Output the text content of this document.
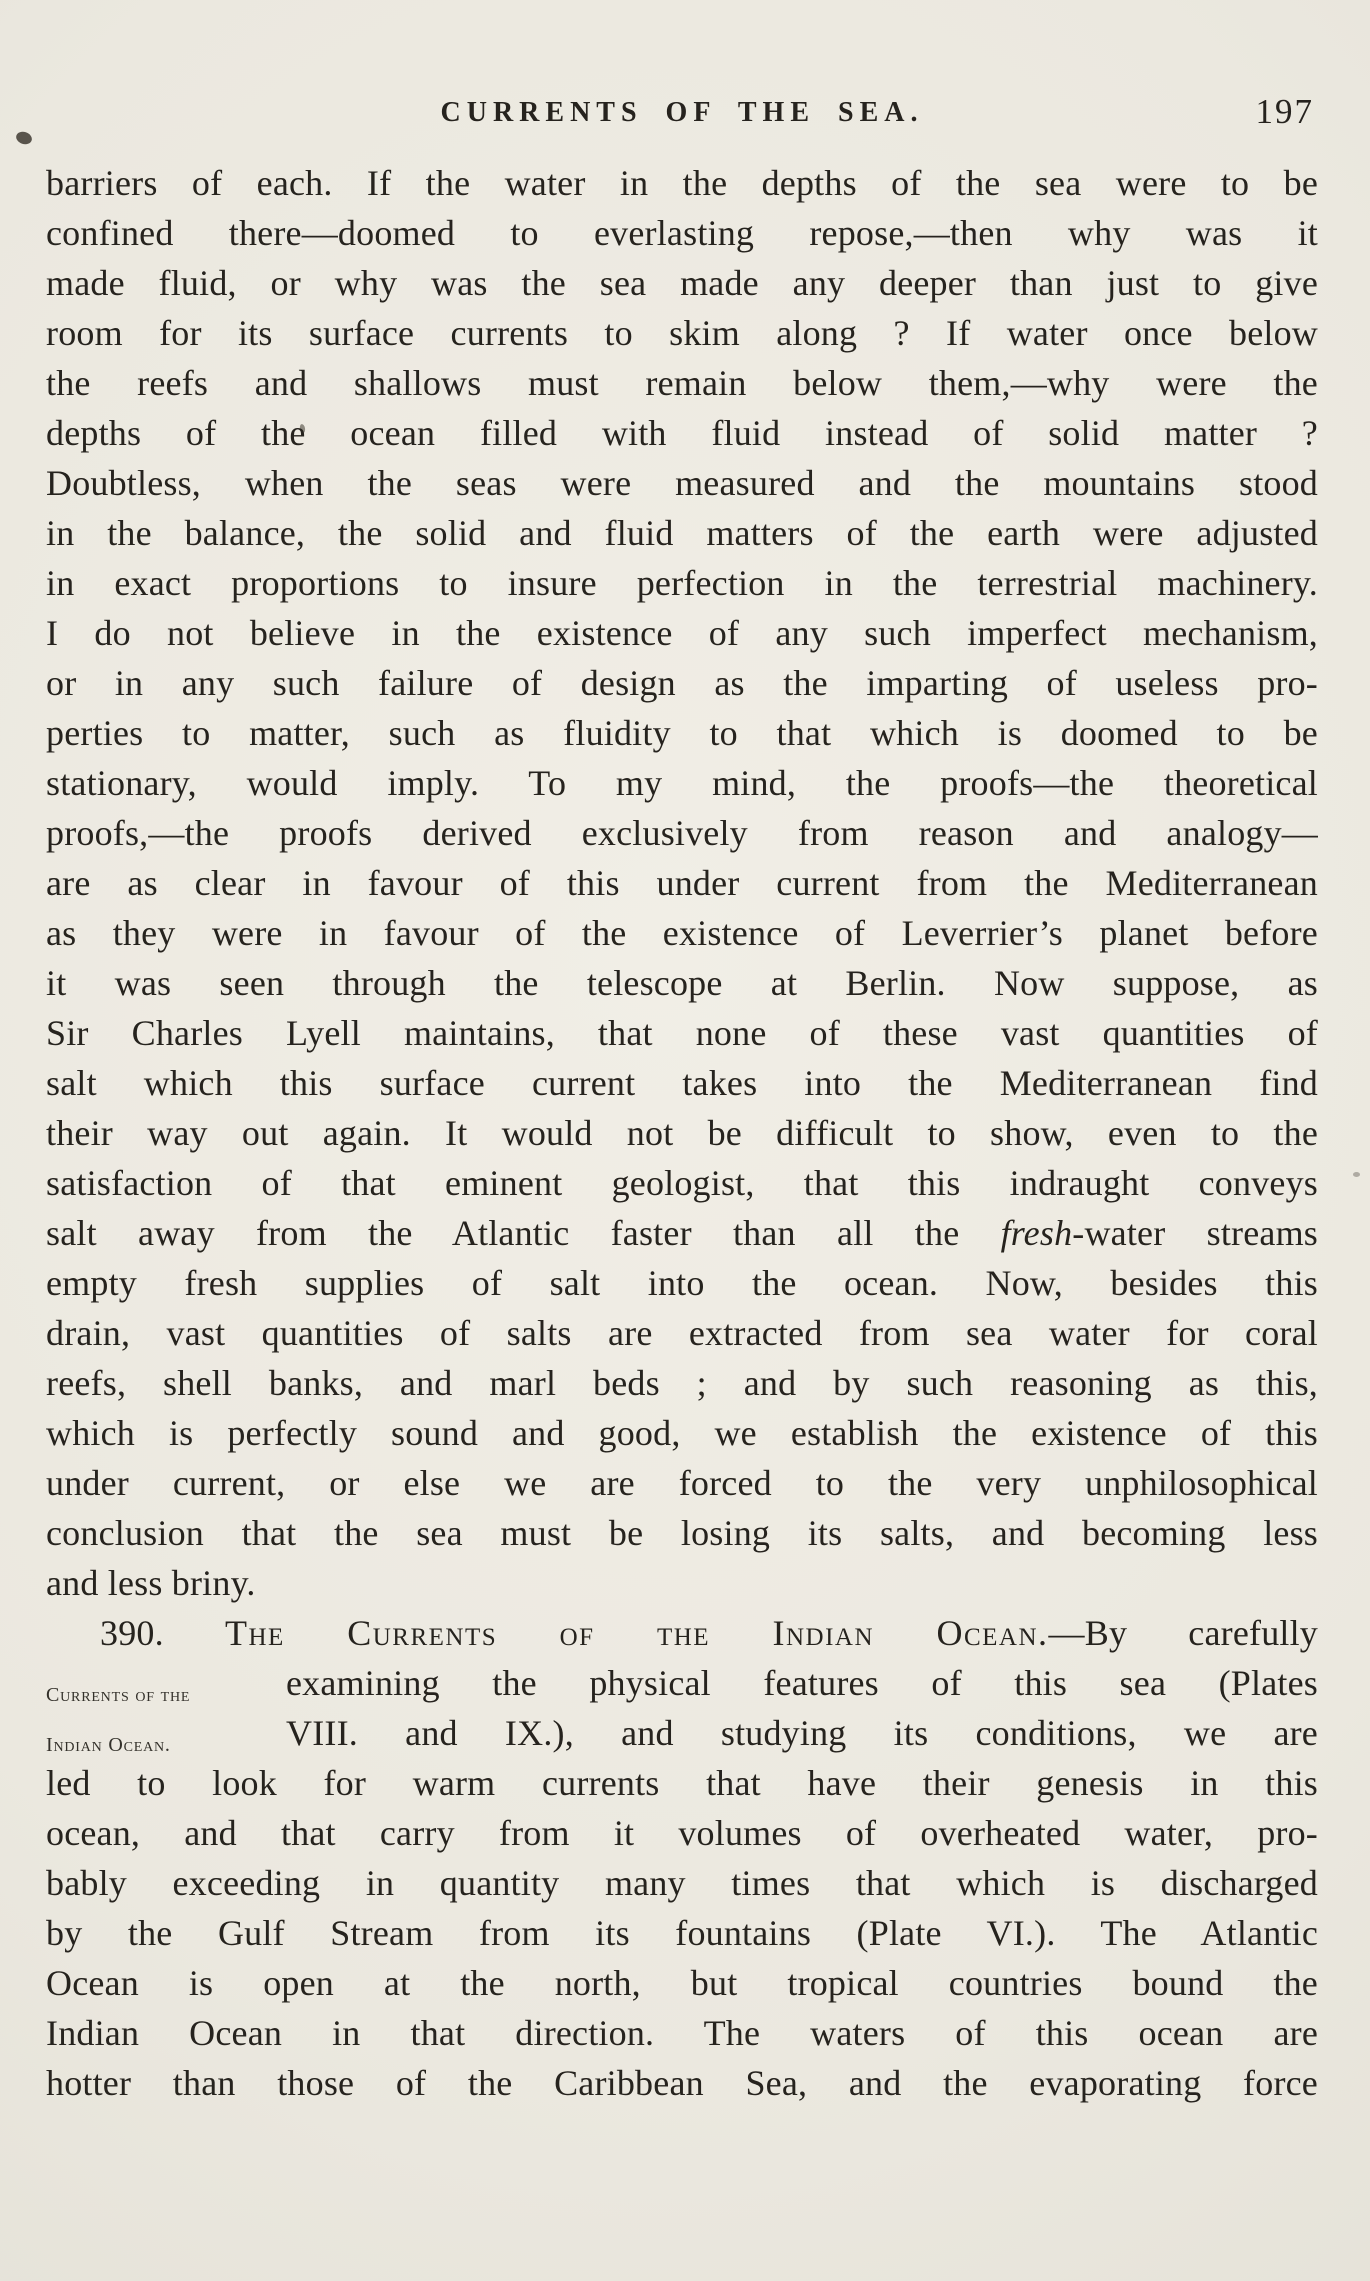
CURRENTS OF THE SEA.	197
barriers of each. If the water in the depths of the sea were to be
confined there—doomed to everlasting repose,—then why was it
made fluid, or why was the sea made any deeper than just to give
room for its surface currents to skim along ? If water once below
the reefs and shallows must remain below them,—why were the
depths of the ocean filled with fluid instead of solid matter ?
Doubtless, when the seas were measured and the mountains stood
in the balance, the solid and fluid matters of the earth were adjusted
in exact proportions to insure perfection in the terrestrial machinery.
I do not believe in the existence of any such imperfect mechanism,
or in any such failure of design as the imparting of useless pro-
perties to matter, such as fluidity to that which is doomed to be
stationary, would imply. To my mind, the proofs—the theoretical
proofs,—the proofs derived exclusively from reason and analogy—
are as clear in favour of this under current from the Mediterranean
as they were in favour of the existence of Leverrier’s planet before
it was seen through the telescope at Berlin. Now suppose, as
Sir Charles Lyell maintains, that none of these vast quantities of
salt which this surface current takes into the Mediterranean find
their way out again. It would not be difficult to show, even to the
satisfaction of that eminent geologist, that this indraught conveys
salt away from the Atlantic faster than all the fresh-water streams
empty fresh supplies of salt into the ocean. Now, besides this
drain, vast quantities of salts are extracted from sea water for coral
reefs, shell banks, and marl beds ; and by such reasoning as this,
which is perfectly sound and good, we establish the existence of this
under current, or else we are forced to the very unphilosophical
conclusion that the sea must be losing its salts, and becoming less
and less briny.

390. The Currents of the Indian Ocean.—By carefully

Currents of the
Indian Ocean.
examining the physical features of this sea (Plates
VIII. and IX.), and studying its conditions, we are
led to look for warm currents that have their genesis in this
ocean, and that carry from it volumes of overheated water, pro-
bably exceeding in quantity many times that which is discharged
by the Gulf Stream from its fountains (Plate VI.). The Atlantic
Ocean is open at the north, but tropical countries bound the
Indian Ocean in that direction. The waters of this ocean are
hotter than those of the Caribbean Sea, and the evaporating force
